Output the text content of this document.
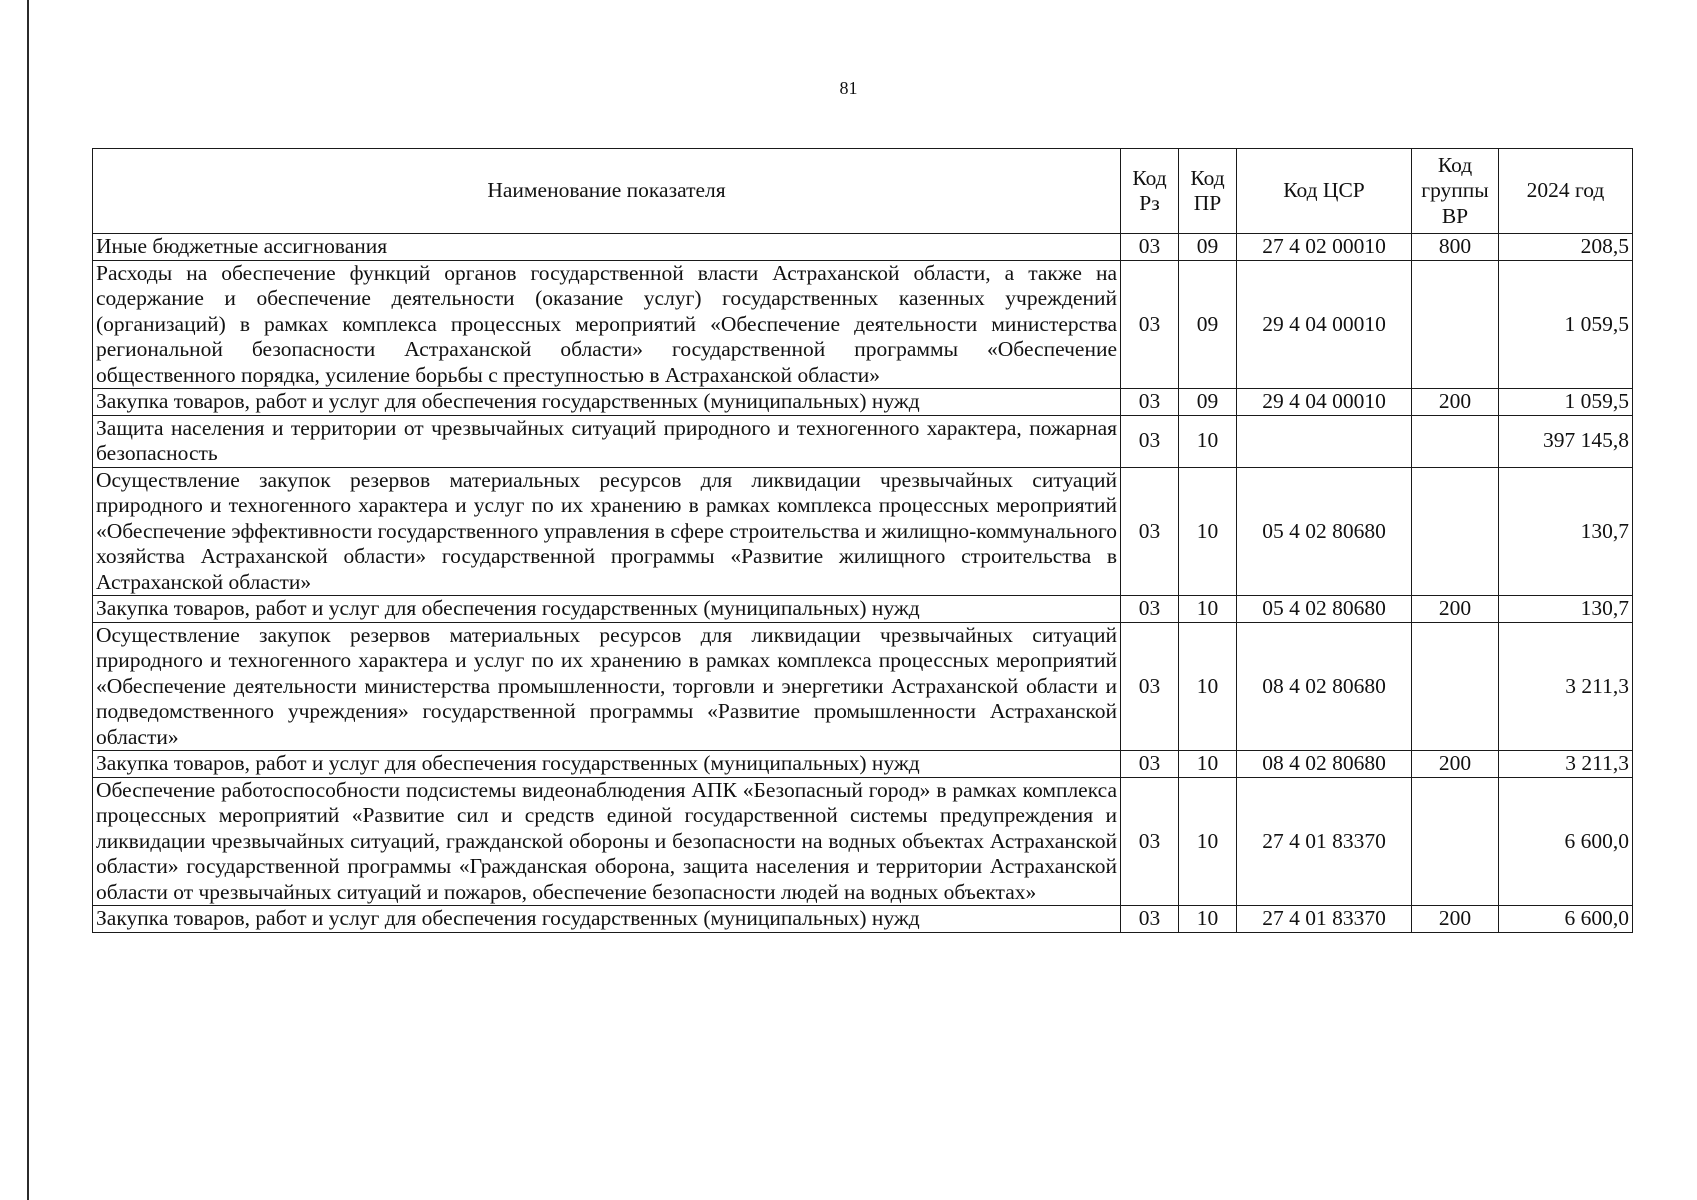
81
Наименование показателя	Код Рз	Код ПР	Код ЦСР	Код группы ВР	2024 год
Иные бюджетные ассигнования	03	09	27 4 02 00010	800	208,5
Расходы на обеспечение функций органов государственной власти Астраханской области, а также на содержание и обеспечение деятельности (оказание услуг) государственных казенных учреждений (организаций) в рамках комплекса процессных мероприятий «Обеспечение деятельности министерства региональной безопасности Астраханской области» государственной программы «Обеспечение общественного порядка, усиление борьбы с преступностью в Астраханской области»	03	09	29 4 04 00010		1 059,5
Закупка товаров, работ и услуг для обеспечения государственных (муниципальных) нужд	03	09	29 4 04 00010	200	1 059,5
Защита населения и территории от чрезвычайных ситуаций природного и техногенного характера, пожарная безопасность	03	10			397 145,8
Осуществление закупок резервов материальных ресурсов для ликвидации чрезвычайных ситуаций природного и техногенного характера и услуг по их хранению в рамках комплекса процессных мероприятий «Обеспечение эффективности государственного управления в сфере строительства и жилищно-коммунального хозяйства Астраханской области» государственной программы «Развитие жилищного строительства в Астраханской области»	03	10	05 4 02 80680		130,7
Закупка товаров, работ и услуг для обеспечения государственных (муниципальных) нужд	03	10	05 4 02 80680	200	130,7
Осуществление закупок резервов материальных ресурсов для ликвидации чрезвычайных ситуаций природного и техногенного характера и услуг по их хранению в рамках комплекса процессных мероприятий «Обеспечение деятельности министерства промышленности, торговли и энергетики Астраханской области и подведомственного учреждения» государственной программы «Развитие промышленности Астраханской области»	03	10	08 4 02 80680		3 211,3
Закупка товаров, работ и услуг для обеспечения государственных (муниципальных) нужд	03	10	08 4 02 80680	200	3 211,3
Обеспечение работоспособности подсистемы видеонаблюдения АПК «Безопасный город» в рамках комплекса процессных мероприятий «Развитие сил и средств единой государственной системы предупреждения и ликвидации чрезвычайных ситуаций, гражданской обороны и безопасности на водных объектах Астраханской области» государственной программы «Гражданская оборона, защита населения и территории Астраханской области от чрезвычайных ситуаций и пожаров, обеспечение безопасности людей на водных объектах»	03	10	27 4 01 83370		6 600,0
Закупка товаров, работ и услуг для обеспечения государственных (муниципальных) нужд	03	10	27 4 01 83370	200	6 600,0
